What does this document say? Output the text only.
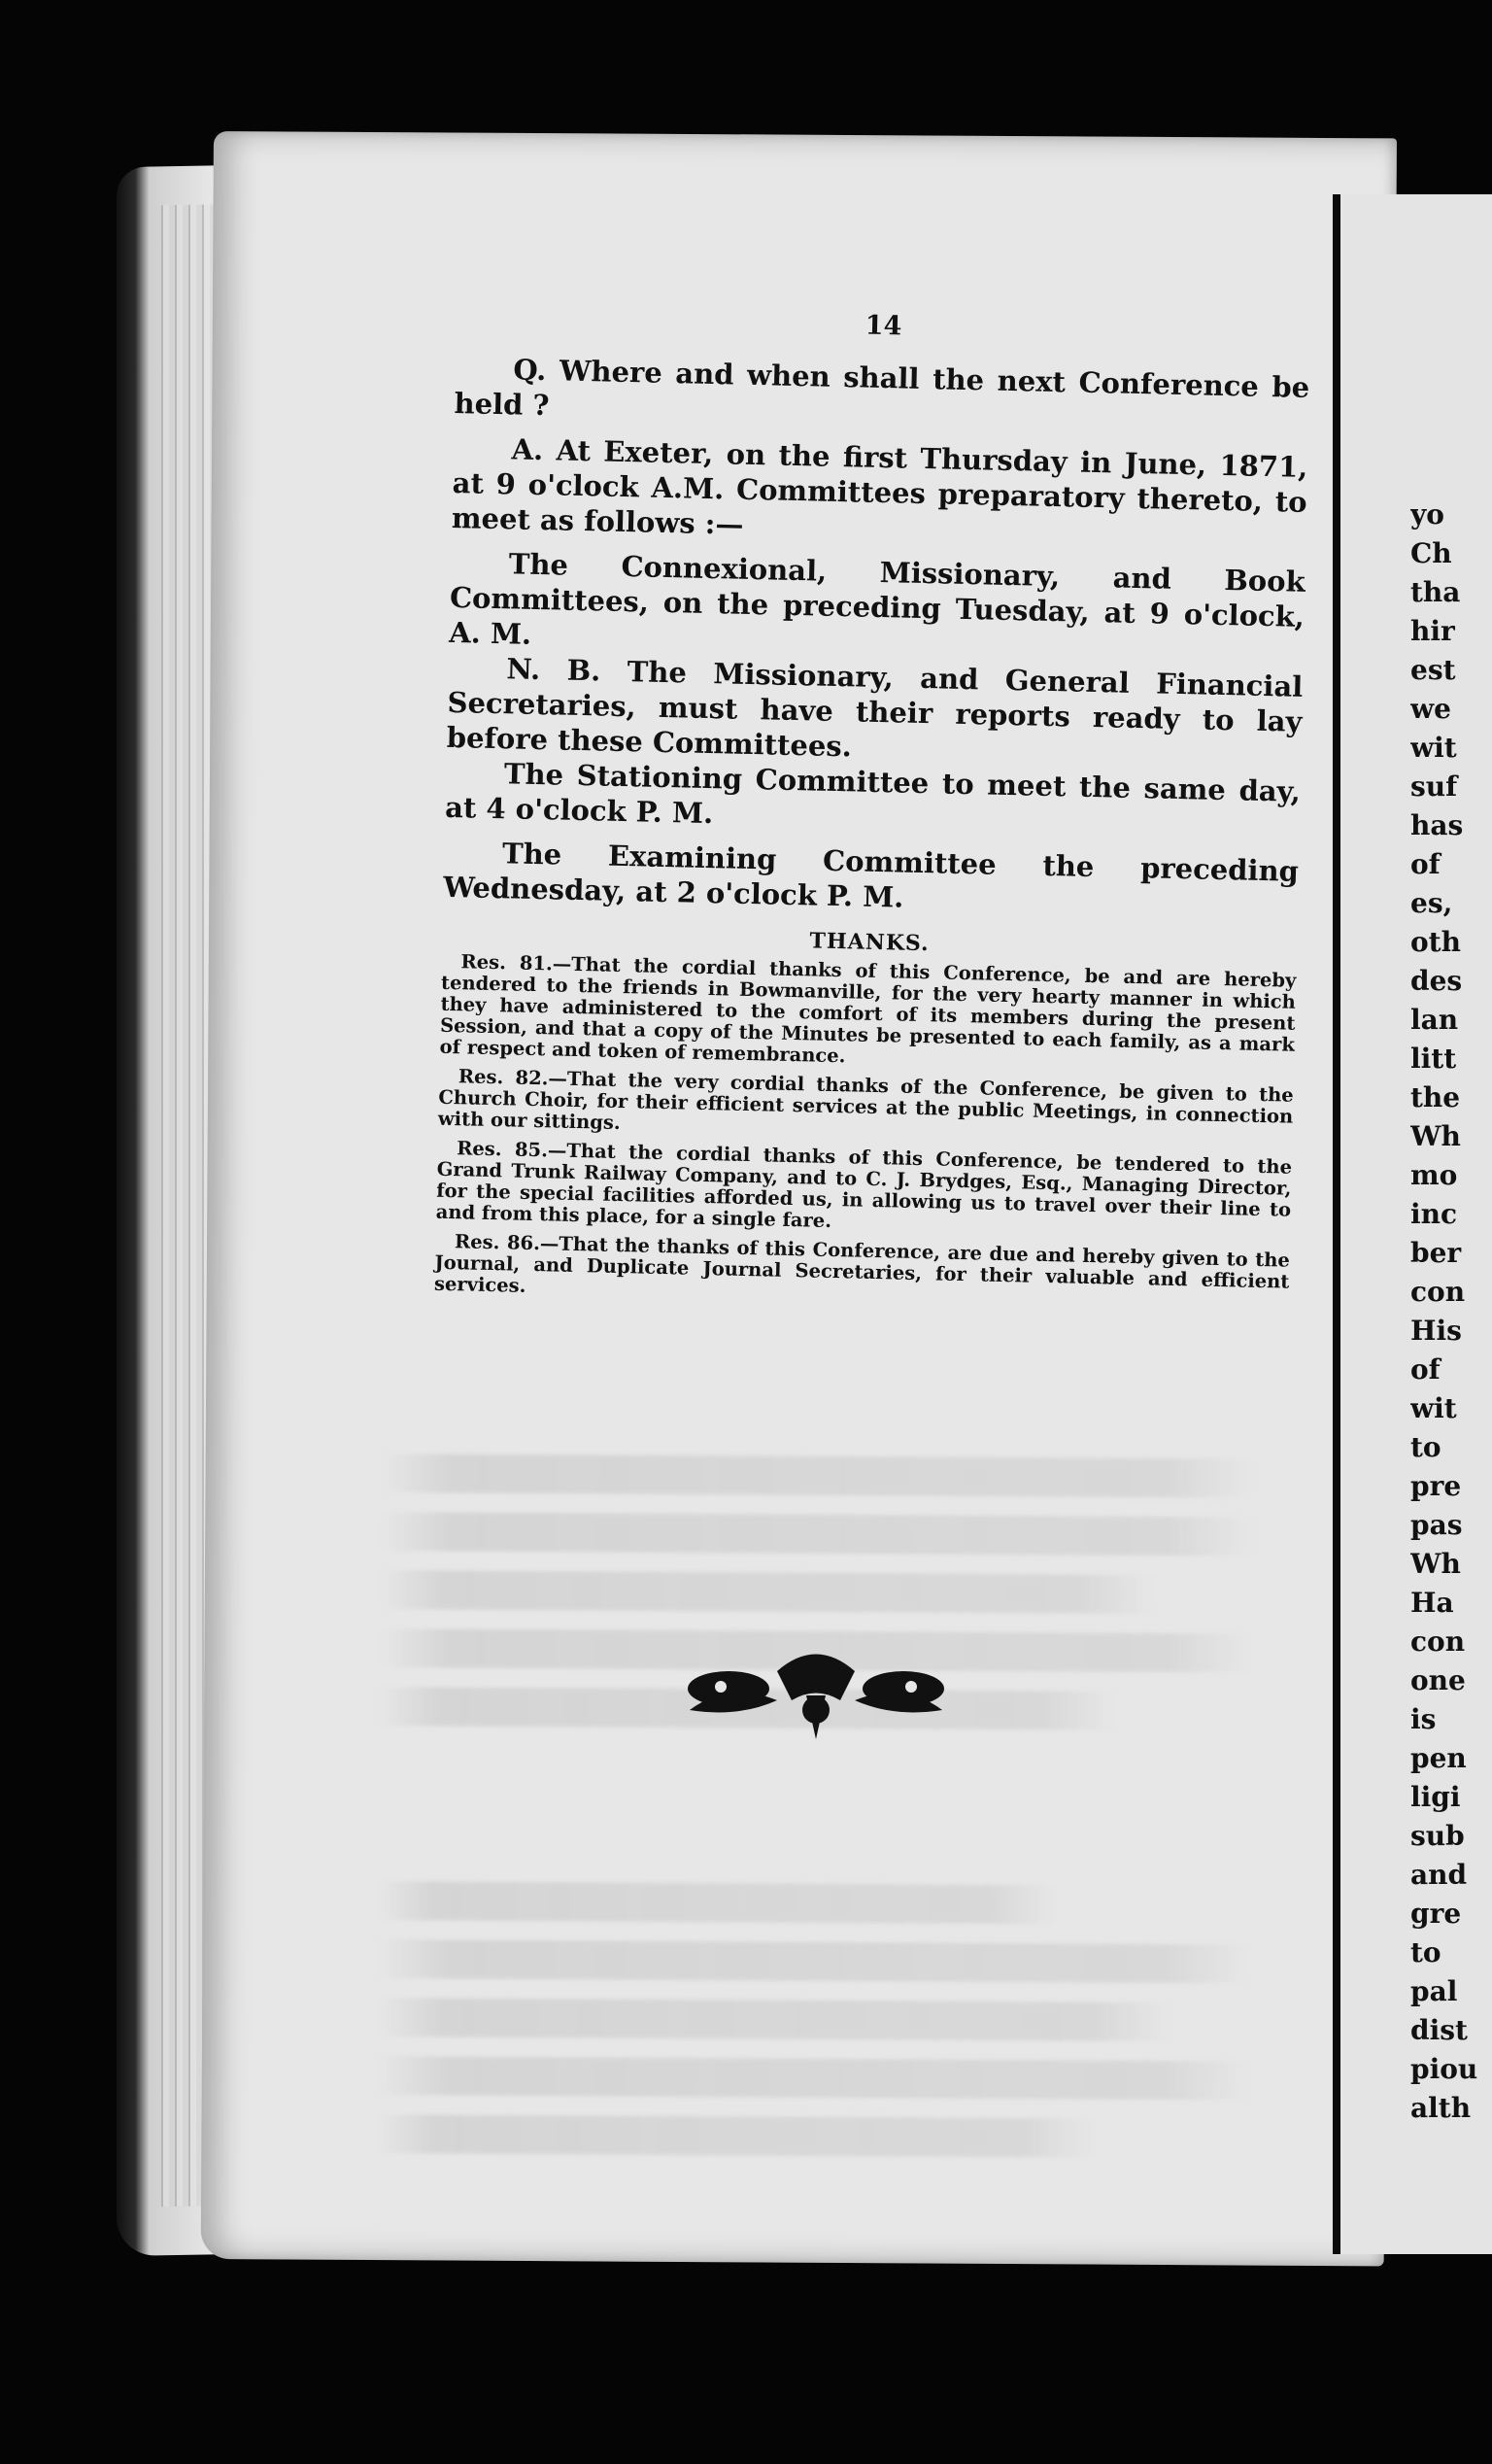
14
Q. Where and when shall the next Conference be held ?
A. At Exeter, on the first Thursday in June, 1871, at 9 o'clock A.M. Committees preparatory thereto, to meet as follows :—
The Connexional, Missionary, and Book Committees, on the preceding Tuesday, at 9 o'clock, A. M.
N. B. The Missionary, and General Financial Secretaries, must have their reports ready to lay before these Committees.
The Stationing Committee to meet the same day, at 4 o'clock P. M.
The Examining Committee the preceding Wednesday, at 2 o'clock P. M.
THANKS.
Res. 81.—That the cordial thanks of this Conference, be and are hereby tendered to the friends in Bowmanville, for the very hearty manner in which they have administered to the comfort of its members during the present Session, and that a copy of the Minutes be presented to each family, as a mark of respect and token of remembrance.
Res. 82.—That the very cordial thanks of the Conference, be given to the Church Choir, for their efficient services at the public Meetings, in connection with our sittings.
Res. 85.—That the cordial thanks of this Conference, be tendered to the Grand Trunk Railway Company, and to C. J. Brydges, Esq., Managing Director, for the special facilities afforded us, in allowing us to travel over their line to and from this place, for a single fare.
Res. 86.—That the thanks of this Conference, are due and hereby given to the Journal, and Duplicate Journal Secretaries, for their valuable and efficient services.
yo
Ch
tha
hir
est
we
wit
suf
has
of
es,
oth
des
lan
litt
the
Wh
mo
inc
ber
con
His
of
wit
to
pre
pas
Wh
Ha
con
one
is
pen
ligi
sub
and
gre
to
pal
dist
piou
alth
